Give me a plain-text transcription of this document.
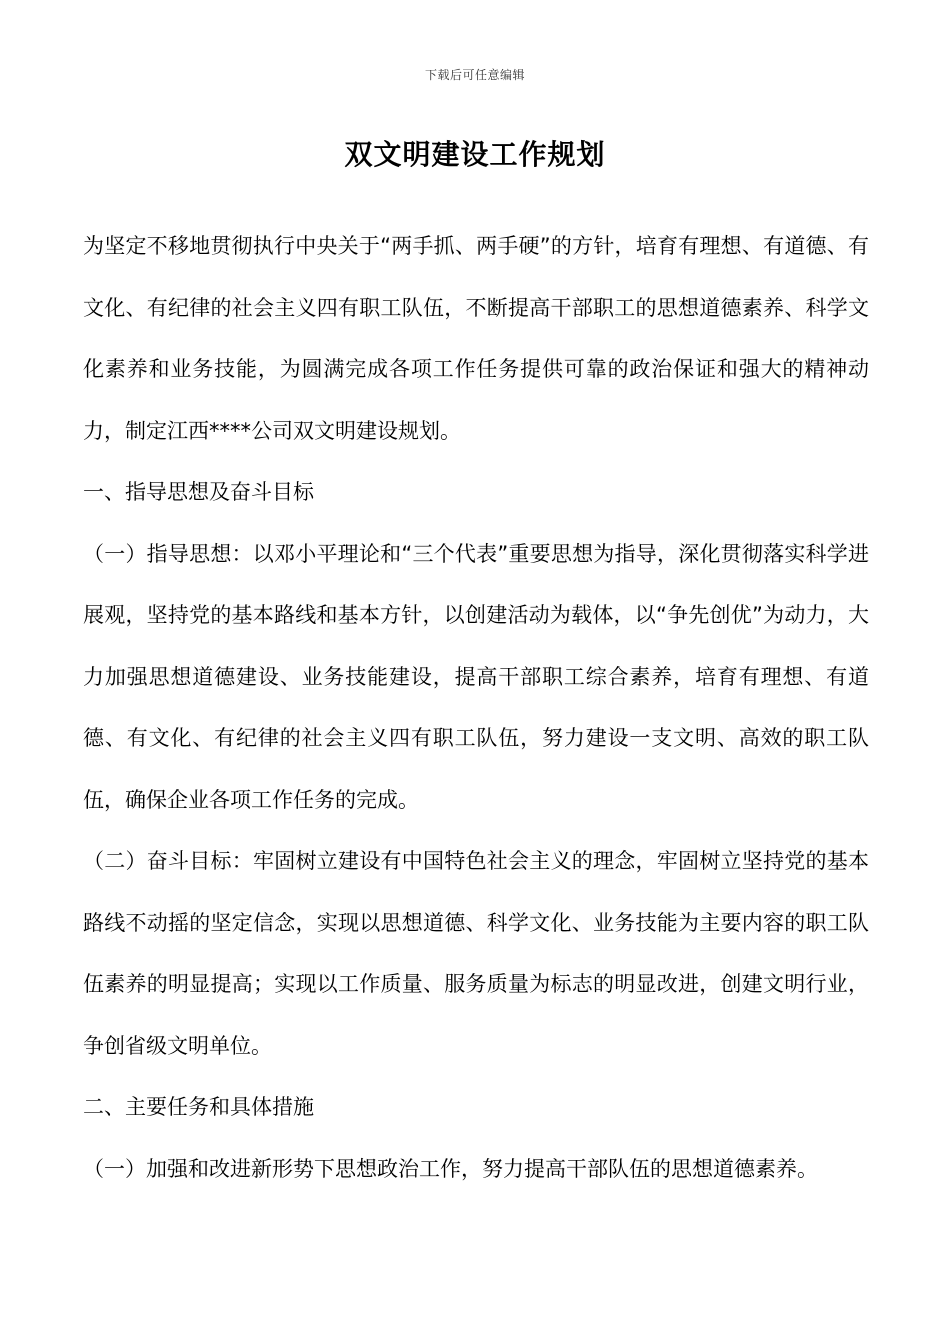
下载后可任意编辑
双文明建设工作规划

为坚定不移地贯彻执行中央关于“两手抓、两手硬”的方针，培育有理想、有道德、有文化、有纪律的社会主义四有职工队伍，不断提高干部职工的思想道德素养、科学文化素养和业务技能，为圆满完成各项工作任务提供可靠的政治保证和强大的精神动力，制定江西****公司双文明建设规划。

一、指导思想及奋斗目标

（一）指导思想：以邓小平理论和“三个代表”重要思想为指导，深化贯彻落实科学进展观，坚持党的基本路线和基本方针，以创建活动为载体，以“争先创优”为动力，大力加强思想道德建设、业务技能建设，提高干部职工综合素养，培育有理想、有道德、有文化、有纪律的社会主义四有职工队伍，努力建设一支文明、高效的职工队伍，确保企业各项工作任务的完成。

（二）奋斗目标：牢固树立建设有中国特色社会主义的理念，牢固树立坚持党的基本路线不动摇的坚定信念，实现以思想道德、科学文化、业务技能为主要内容的职工队伍素养的明显提高；实现以工作质量、服务质量为标志的明显改进，创建文明行业，争创省级文明单位。

二、主要任务和具体措施

（一）加强和改进新形势下思想政治工作，努力提高干部队伍的思想道德素养。
